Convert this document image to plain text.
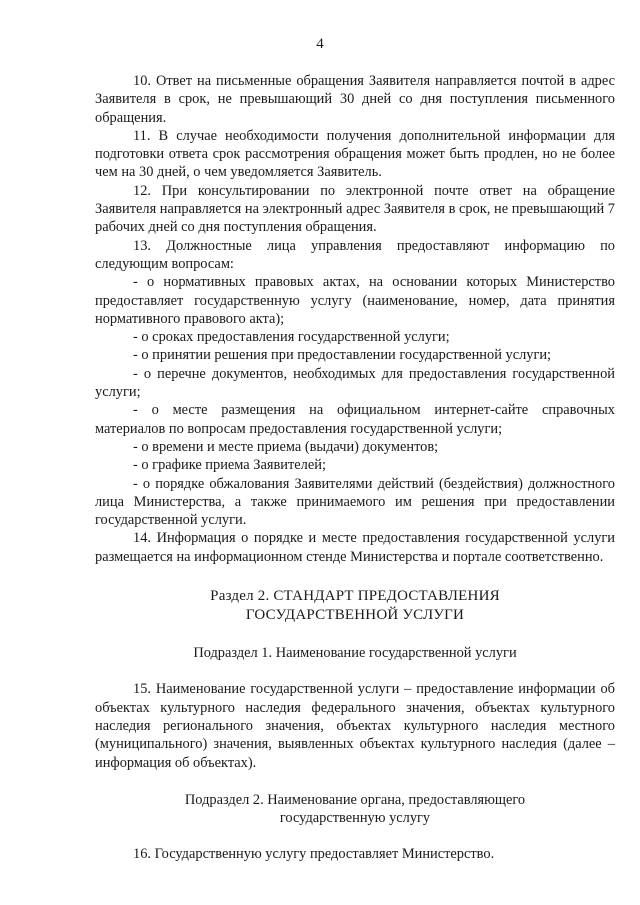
4

10. Ответ на письменные обращения Заявителя направляется почтой в адрес Заявителя в срок, не превышающий 30 дней со дня поступления письменного обращения.

11. В случае необходимости получения дополнительной информации для подготовки ответа срок рассмотрения обращения может быть продлен, но не более чем на 30 дней, о чем уведомляется Заявитель.

12. При консультировании по электронной почте ответ на обращение Заявителя направляется на электронный адрес Заявителя в срок, не превышающий 7 рабочих дней со дня поступления обращения.

13. Должностные лица управления предоставляют информацию по следующим вопросам:

- о нормативных правовых актах, на основании которых Министерство предоставляет государственную услугу (наименование, номер, дата принятия нормативного правового акта);

- о сроках предоставления государственной услуги;

- о принятии решения при предоставлении государственной услуги;

- о перечне документов, необходимых для предоставления государственной услуги;

- о месте размещения на официальном интернет-сайте справочных материалов по вопросам предоставления государственной услуги;

- о времени и месте приема (выдачи) документов;

- о графике приема Заявителей;

- о порядке обжалования Заявителями действий (бездействия) должностного лица Министерства, а также принимаемого им решения при предоставлении государственной услуги.

14. Информация о порядке и месте предоставления государственной услуги размещается на информационном стенде Министерства и портале соответственно.

Раздел 2. СТАНДАРТ ПРЕДОСТАВЛЕНИЯ
ГОСУДАРСТВЕННОЙ УСЛУГИ
Подраздел 1. Наименование государственной услуги

15. Наименование государственной услуги – предоставление информации об объектах культурного наследия федерального значения, объектах культурного наследия регионального значения, объектах культурного наследия местного (муниципального) значения, выявленных объектах культурного наследия (далее – информация об объектах).

Подраздел 2. Наименование органа, предоставляющего
государственную услугу

16. Государственную услугу предоставляет Министерство.
